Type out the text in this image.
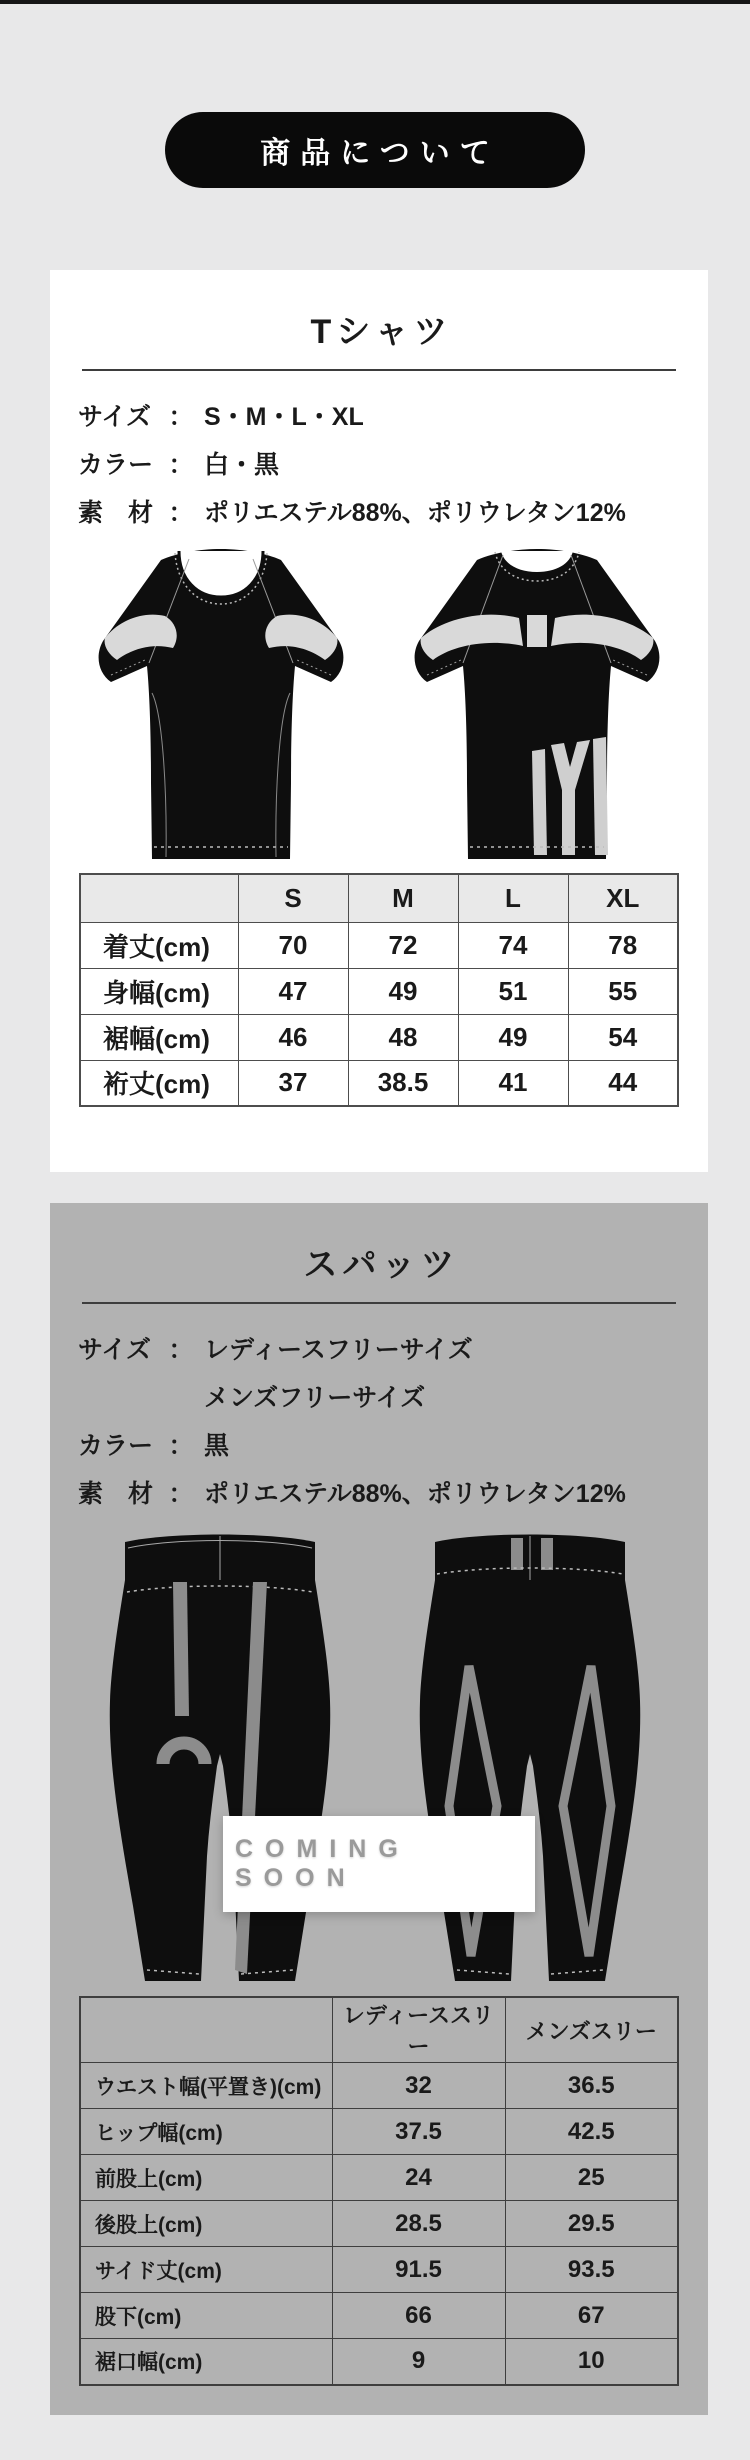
商品について
Tシャツ
サイズ ： S・M・L・XL
カラー ： 白・黒
素　材 ： ポリエステル88%、ポリウレタン12%
	S	M	L	XL
着丈(cm)	70	72	74	78
身幅(cm)	47	49	51	55
裾幅(cm)	46	48	49	54
裄丈(cm)	37	38.5	41	44
スパッツ
サイズ ： レディースフリーサイズ
メンズフリーサイズ
カラー ： 黒
素　材 ： ポリエステル88%、ポリウレタン12%
COMING SOON
	レディーススリー	メンズスリー
ウエスト幅(平置き)(cm)	32	36.5
ヒップ幅(cm)	37.5	42.5
前股上(cm)	24	25
後股上(cm)	28.5	29.5
サイド丈(cm)	91.5	93.5
股下(cm)	66	67
裾口幅(cm)	9	10
